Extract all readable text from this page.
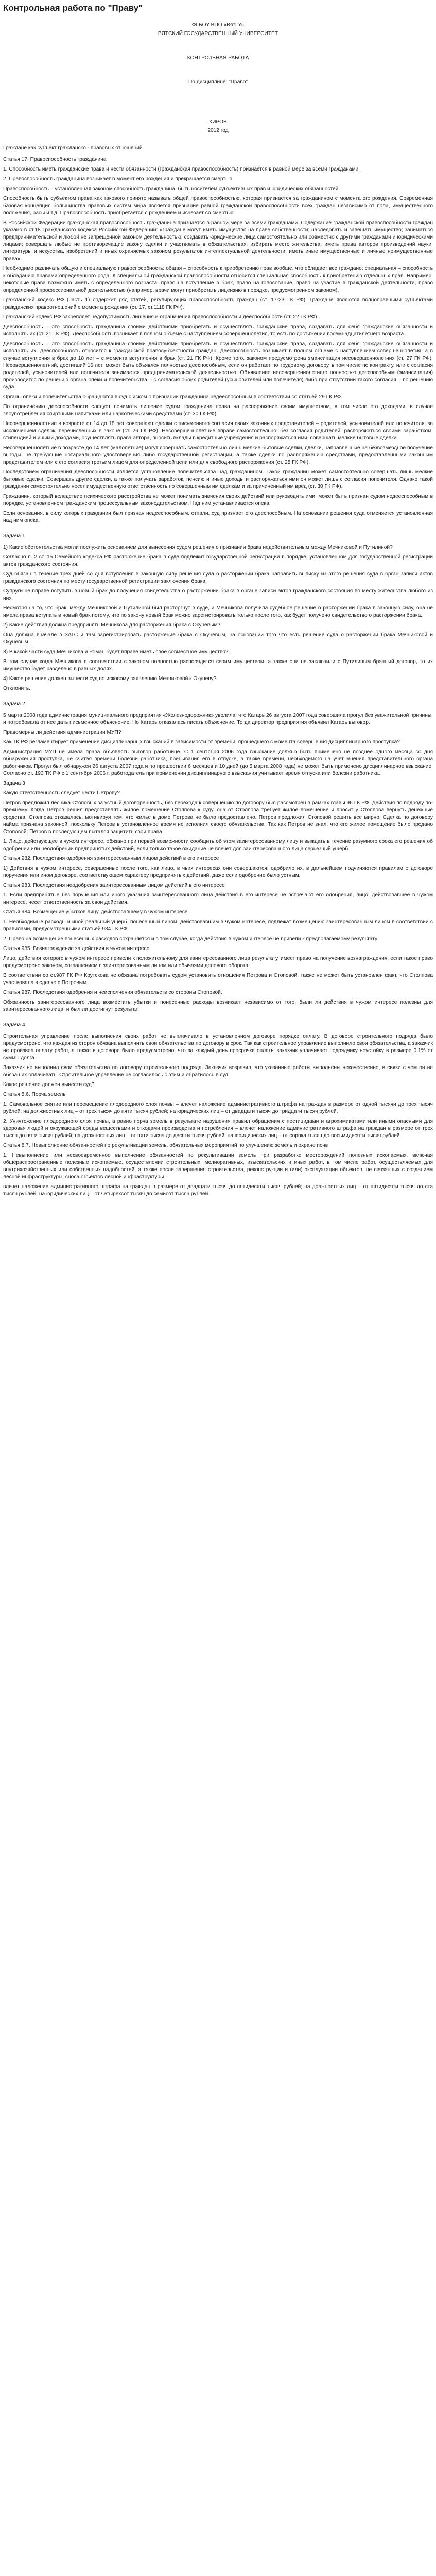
Контрольная работа по "Праву"

ФГБОУ ВПО «ВятГУ»

ВЯТСКИЙ ГОСУДАРСТВЕННЫЙ УНИВЕРСИТЕТ

КОНТРОЛЬНАЯ РАБОТА

По дисциплине: "Право"

КИРОВ

2012 год

Граждане как субъект гражданско - правовых отношений.

Статья 17. Правоспособность гражданина

1. Способность иметь гражданские права и нести обязанности (гражданская правоспособность) признается в равной мере за всеми гражданами.

2. Правоспособность гражданина возникает в момент его рождения и прекращается смертью.

Правоспособность – установленная законом способность гражданина, быть носителем субъективных прав и юридических обязанностей.

Способность быть субъектом права как такового принято называть общей правоспособностью, которая признается за гражданином с момента его рождения. Современная базовая концепция большинства правовых систем мира является признание равной гражданской правоспособности всех граждан независимо от пола, имущественного положения, расы и т.д. Правоспособность приобретается с рождением и исчезает со смертью.

В Российской Федерации гражданская правоспособность гражданина признается в равной мере за всеми гражданами. Содержание гражданской правоспособности граждан указано в ст.18 Гражданского кодекса Российской Федерации: «граждане могут иметь имущество на праве собственности; наследовать и завещать имущество; заниматься предпринимательской и любой не запрещенной законом деятельностью; создавать юридические лица самостоятельно или совместно с другими гражданами и юридическими лицами; совершать любые не противоречащие закону сделки и участвовать в обязательствах; избирать место жительства; иметь права авторов произведений науки, литературы и искусства, изобретений и иных охраняемых законом результатов интеллектуальной деятельности; иметь иные имущественные и личные неимущественные права».

Необходимо различать общую и специальную правоспособность: общая – способность к приобретению прав вообще, что обладает все граждане; специальная – способность к обладанию правами определенного рода. К специальной гражданской правоспособности относится специальная способность к приобретению отдельных прав. Например, некоторые права возможно иметь с определенного возраста: право на вступление в брак, право на голосование, право на участие в гражданской деятельности, право определенной профессиональной деятельностью (например, врачи могут приобретать лицензию в порядке, предусмотренном законом).

Гражданский кодекс РФ (часть 1) содержит ряд статей, регулирующих правоспособность граждан (ст. 17-23 ГК РФ). Граждане являются полноправными субъектами гражданских правоотношений с момента рождения (ст. 17, ст.1118 ГК РФ).

Гражданский кодекс РФ закрепляет недопустимость лишения и ограничения правоспособности и дееспособности (ст. 22 ГК РФ).

Дееспособность – это способность гражданина своими действиями приобретать и осуществлять гражданские права, создавать для себя гражданские обязанности и исполнять их (ст. 21 ГК РФ). Дееспособность возникает в полном объеме с наступлением совершеннолетия, то есть по достижении восемнадцатилетнего возраста.

Дееспособность – это способность гражданина своими действиями приобретать и осуществлять гражданские права, создавать для себя гражданские обязанности и исполнять их. Дееспособность относится к гражданской правосубъектности граждан. Дееспособность возникает в полном объеме с наступлением совершеннолетия, а в случае вступления в брак до 18 лет – с момента вступления в брак (ст. 21 ГК РФ). Кроме того, законом предусмотрена эмансипация несовершеннолетних (ст. 27 ГК РФ). Несовершеннолетний, достигший 16 лет, может быть объявлен полностью дееспособным, если он работает по трудовому договору, в том числе по контракту, или с согласия родителей, усыновителей или попечителя занимается предпринимательской деятельностью. Объявление несовершеннолетнего полностью дееспособным (эмансипация) производится по решению органа опеки и попечительства – с согласия обоих родителей (усыновителей или попечителя) либо при отсутствии такого согласия – по решению суда.

Органы опеки и попечительства обращаются в суд с иском о признании гражданина недееспособным в соответствии со статьёй 29 ГК РФ.

По ограничению дееспособности следует понимать лишение судом гражданина права на распоряжение своим имуществом, в том числе его доходами, в случае злоупотребления спиртными напитками или наркотическими средствами (ст. 30 ГК РФ).

Несовершеннолетние в возрасте от 14 до 18 лет совершают сделки с письменного согласия своих законных представителей – родителей, усыновителей или попечителя, за исключением сделок, перечисленных в законе (ст. 26 ГК РФ). Несовершеннолетние вправе самостоятельно, без согласия родителей, распоряжаться своими заработком, стипендией и иными доходами, осуществлять права автора, вносить вклады в кредитные учреждения и распоряжаться ими, совершать мелкие бытовые сделки.

Несовершеннолетние в возрасте до 14 лет (малолетние) могут совершать самостоятельно лишь мелкие бытовые сделки, сделки, направленные на безвозмездное получение выгоды, не требующие нотариального удостоверения либо государственной регистрации, а также сделки по распоряжению средствами, предоставленными законным представителем или с его согласия третьим лицом для определенной цели или для свободного распоряжения (ст. 28 ГК РФ).

Последствием ограничения дееспособности является установление попечительства над гражданином. Такой гражданин может самостоятельно совершать лишь мелкие бытовые сделки. Совершать другие сделки, а также получать заработок, пенсию и иные доходы и распоряжаться ими он может лишь с согласия попечителя. Однако такой гражданин самостоятельно несет имущественную ответственность по совершенным им сделкам и за причиненный им вред (ст. 30 ГК РФ).

Гражданин, который вследствие психического расстройства не может понимать значения своих действий или руководить ими, может быть признан судом недееспособным в порядке, установленном гражданским процессуальным законодательством. Над ним устанавливается опека.

Если основания, в силу которых гражданин был признан недееспособным, отпали, суд признает его дееспособным. На основании решения суда отменяется установленная над ним опека.

Задача 1

1) Какие обстоятельства могли послужить основанием для вынесения судом решения о признании брака недействительным между Мечниковой и Путилиной?

Согласно п. 2 ст. 15 Семейного кодекса РФ расторжение брака в суде подлежит государственной регистрации в порядке, установленном для государственной регистрации актов гражданского состояния.

Суд обязан в течение трех дней со дня вступления в законную силу решения суда о расторжении брака направить выписку из этого решения суда в орган записи актов гражданского состояния по месту государственной регистрации заключения брака.

Супруги не вправе вступить в новый брак до получения свидетельства о расторжении брака в органе записи актов гражданского состояния по месту жительства любого из них.

Несмотря на то, что брак, между Мечниковой и Путилиной был расторгнут в суде, и Мечникова получила судебное решение о расторжении брака в законную силу, она не имела права вступать в новый брак потому, что по закону новый брак можно зарегистрировать только после того, как будет получено свидетельство о расторжении брака.

2) Какие действия должна предпринять Мечникова для расторжения брака с Окуневым?

Она должна вначале в ЗАГС и там зарегистрировать расторжение брака с Окуневым, на основании того что есть решение суда о расторжении брака Мечниковой и Окуневым.

3) В какой части суда Мечникова и Роман будет вправе иметь свое совместное имущество?

В том случае когда Мечникова в соответствии с законом полностью распорядится своим имуществом, а также они не заключили с Путилиным брачный договор, то их имущество будет разделено в равных долях.

4) Какое решение должен вынести суд по исковому заявлению Мечниковой к Окуневу?

Отклонить.

Задача 2

5 марта 2008 года администрация муниципального предприятия «Железнодорожник» уволила, что Катарь 26 августа 2007 года совершила прогул без уважительной причины, и потребовала от нее дать письменное объяснение. Но Катарь отказалась писать объяснение. Тогда директор предприятия объявил Катарь выговор.

Правомерны ли действия администрации МУП?

Как ТК РФ регламентирует применение дисциплинарных взысканий в зависимости от времени, прошедшего с момента совершения дисциплинарного проступка?

Администрация МУП не имела права объявлять выговор работнице. С 1 сентября 2006 года взыскание должно быть применено не позднее одного месяца со дня обнаружения проступка, не считая времени болезни работника, пребывания его в отпуске, а также времени, необходимого на учет мнения представительного органа работников. Прогул был обнаружен 26 августа 2007 года и по прошествии 6 месяцев и 10 дней (до 5 марта 2008 года) не может быть применено дисциплинарное взыскание. Согласно ст. 193 ТК РФ с 1 сентября 2006 г. работодатель при применении дисциплинарного взыскания учитывает время отпуска или болезни работника.

Задача 3

Какую ответственность следует нести Петрову?

Петров предложил лесника Стоповых за устный договоренность, без перехода к совершению по договору был рассмотрен в рамках главы 96 ГК РФ. Действия по подряду по-прежнему. Когда Петров решил предоставлять жилое помещение Столпова к суду, она от Столпова требует жилое помещение и просит у Столпова вернуть денежные средства. Столпова отказалась, мотивируя тем, что жилье в доме Петрова не было предоставлено. Петров предложил Стоповой решить все мирно. Сделка по договору найма признана законной, поскольку Петров в установленное время не исполнил своего обязательства. Так как Петров не знал, что его жилое помещение было продано Стоповой, Петров в последующем пытался защитить свои права.

1. Лицо, действующее в чужом интересе, обязано при первой возможности сообщить об этом заинтересованному лицу и выждать в течение разумного срока его решения об одобрении или неодобрении предпринятых действий, если только такое ожидание не влечет для заинтересованного лица серьезный ущерб.

Статья 982. Последствия одобрения заинтересованным лицом действий в его интересе

1) Действия в чужом интересе, совершенные после того, как лицо, в чьих интересах они совершаются, одобрило их, в дальнейшем подчиняются правилам о договоре поручения или ином договоре, соответствующем характеру предпринятых действий, даже если одобрение было устным.

Статья 983. Последствия неодобрения заинтересованным лицом действий в его интересе

1. Если предпринятые без поручения или иного указания заинтересованного лица действия в его интересе не встречают его одобрения, лицо, действовавшее в чужом интересе, несет ответственность за свои действия.

Статья 984. Возмещение убытков лицу, действовавшему в чужом интересе

1. Необходимые расходы и иной реальный ущерб, понесенный лицом, действовавшим в чужом интересе, подлежат возмещению заинтересованным лицом в соответствии с правилами, предусмотренными статьей 984 ГК РФ.

2. Право на возмещение понесенных расходов сохраняется и в том случае, когда действия в чужом интересе не привели к предполагаемому результату.

Статья 985. Вознаграждение за действия в чужом интересе

Лицо, действия которого в чужом интересе привели к положительному для заинтересованного лица результату, имеет право на получение вознаграждения, если такое право предусмотрено законом, соглашением с заинтересованным лицом или обычаями делового оборота.

В соответствии со ст.987 ГК РФ Крутскова не обязана потребовать судом установить отношения Петрова и Стоповой, также не может быть установлен факт, что Столпова участвовала в сделке с Петровым.

Статья 987. Последствия одобрения и неисполнения обязательств со стороны Стоповой.

Обязанность заинтересованного лица возместить убытки и понесенные расходы возникает независимо от того, были ли действия в чужом интересе полезны для заинтересованного лица, и был ли достигнут результат.

Задача 4

Строительная управление после выполнения своих работ не выплачивало в установленном договоре порядке оплату. В договоре строительного подряда было предусмотрено, что каждая из сторон обязана выполнить свои обязательства по договору в срок. Так как строительное управление выполнило свои обязательства, а заказчик не произвел оплату работ, а также в договоре было предусмотрено, что за каждый день просрочки оплаты заказчик уплачивает подрядчику неустойку в размере 0,1% от суммы долга.

Заказчик не выполнил свои обязательства по договору строительного подряда. Заказчик возразил, что указанные работы выполнены некачественно, в связи с чем он не обязан их оплачивать. Строительное управление не согласилось с этим и обратилось в суд.

Какое решение должен вынести суд?

Статья 8.6. Порча земель

1. Самовольное снятие или перемещение плодородного слоя почвы – влечет наложение административного штрафа на граждан в размере от одной тысячи до трех тысяч рублей; на должностных лиц – от трех тысяч до пяти тысяч рублей; на юридических лиц – от двадцати тысяч до тридцати тысяч рублей.

2. Уничтожение плодородного слоя почвы, а равно порча земель в результате нарушения правил обращения с пестицидами и агрохимикатами или иными опасными для здоровья людей и окружающей среды веществами и отходами производства и потребления – влечет наложение административного штрафа на граждан в размере от трех тысяч до пяти тысяч рублей; на должностных лиц – от пяти тысяч до десяти тысяч рублей; на юридических лиц – от сорока тысяч до восьмидесяти тысяч рублей.

Статья 8.7. Невыполнение обязанностей по рекультивации земель, обязательных мероприятий по улучшению земель и охране почв

1. Невыполнение или несвоевременное выполнение обязанностей по рекультивации земель при разработке месторождений полезных ископаемых, включая общераспространенные полезные ископаемые, осуществлении строительных, мелиоративных, изыскательских и иных работ, в том числе работ, осуществляемых для внутрихозяйственных или собственных надобностей, а также после завершения строительства, реконструкции и (или) эксплуатации объектов, не связанных с созданием лесной инфраструктуры, сноса объектов лесной инфраструктуры –

влечет наложение административного штрафа на граждан в размере от двадцати тысяч до пятидесяти тысяч рублей; на должностных лиц – от пятидесяти тысяч до ста тысяч рублей; на юридических лиц – от четырехсот тысяч до семисот тысяч рублей.
